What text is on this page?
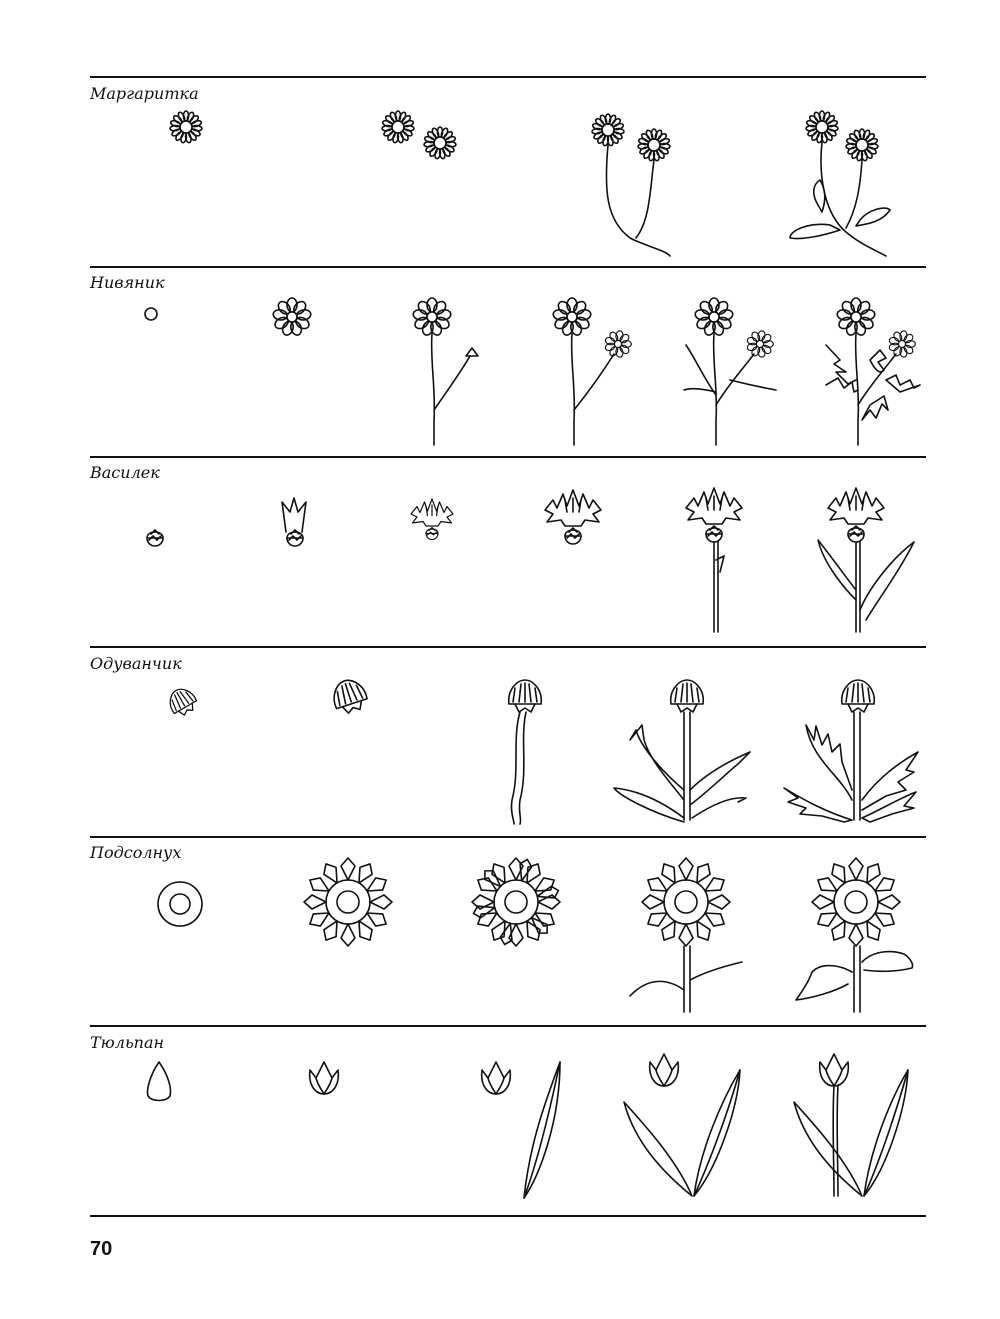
Маргаритка
Нивяник
Василек
Одуванчик
Подсолнух
Тюльпан
70
